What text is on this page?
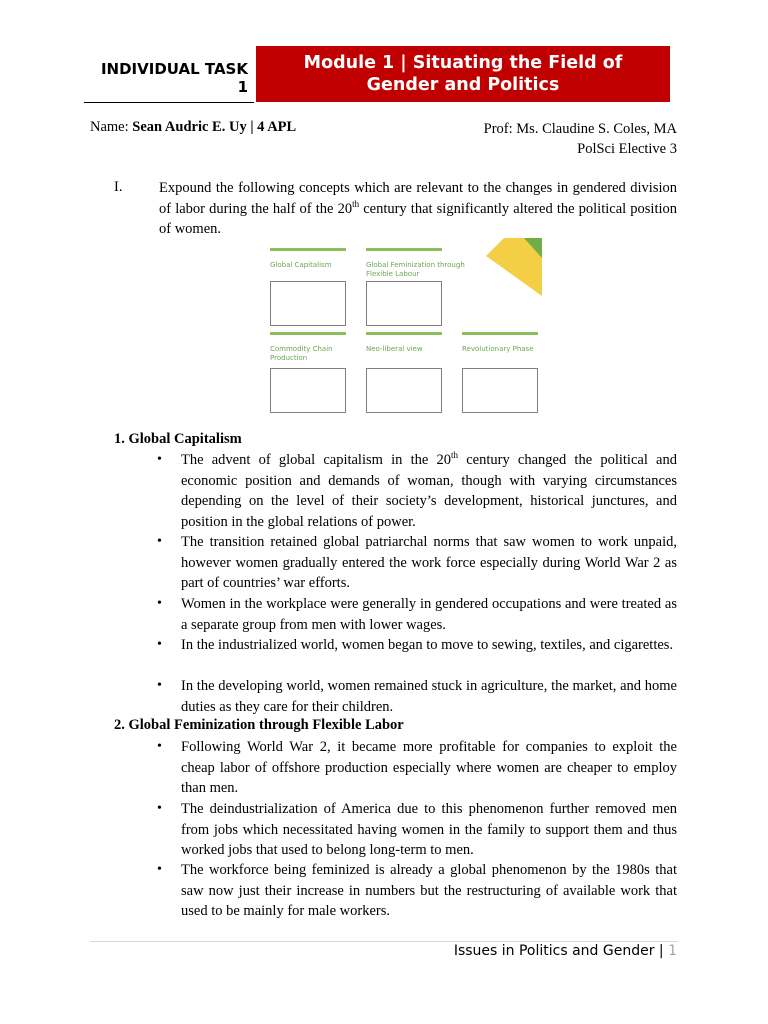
INDIVIDUAL TASK
1
Module 1 | Situating the Field of Gender and Politics
Name: Sean Audric E. Uy | 4 APL	Prof: Ms. Claudine S. Coles, MA
PolSci Elective 3
I.	Expound the following concepts which are relevant to the changes in gendered division of labor during the half of the 20th century that significantly altered the political position of women.
Global Capitalism	Global Feminization through Flexible Labour
Commodity Chain Production
Neo-liberal view	Revolutionary Phase
1. Global Capitalism
• The advent of global capitalism in the 20th century changed the political and economic position and demands of woman, though with varying circumstances depending on the level of their society’s development, historical junctures, and position in the global relations of power.
• The transition retained global patriarchal norms that saw women to work unpaid, however women gradually entered the work force especially during World War 2 as part of countries’ war efforts.
• Women in the workplace were generally in gendered occupations and were treated as a separate group from men with lower wages.
• In the industrialized world, women began to move to sewing, textiles, and cigarettes.
• In the developing world, women remained stuck in agriculture, the market, and home duties as they care for their children.
2. Global Feminization through Flexible Labor
• Following World War 2, it became more profitable for companies to exploit the cheap labor of offshore production especially where women are cheaper to employ than men.
• The deindustrialization of America due to this phenomenon further removed men from jobs which necessitated having women in the family to support them and thus worked jobs that used to belong long-term to men.
• The workforce being feminized is already a global phenomenon by the 1980s that saw now just their increase in numbers but the restructuring of available work that used to be mainly for male workers.
Issues in Politics and Gender | 1
